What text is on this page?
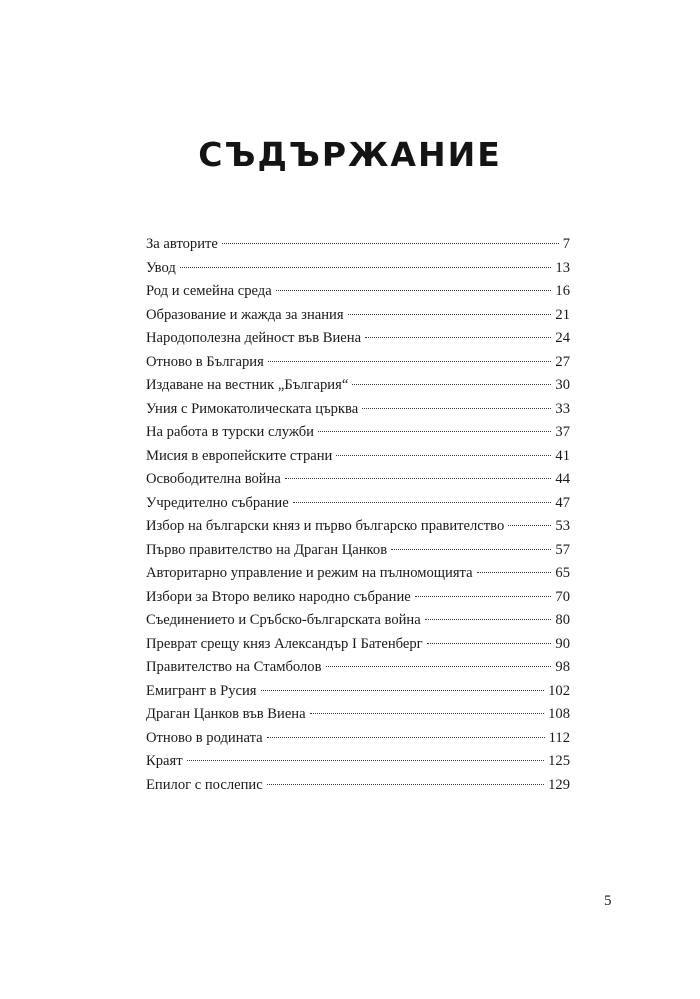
СЪДЪРЖАНИЕ
За авторите	7
Увод	13
Род и семейна среда	16
Образование и жажда за знания	21
Народополезна дейност във Виена	24
Отново в България	27
Издаване на вестник „България“	30
Уния с Римокатолическата църква	33
На работа в турски служби	37
Мисия в европейските страни	41
Освободителна война	44
Учредително събрание	47
Избор на български княз и първо българско правителство	53
Първо правителство на Драган Цанков	57
Авторитарно управление и режим на пълномощията	65
Избори за Второ велико народно събрание	70
Съединението и Сръбско-българската война	80
Преврат срещу княз Александър I Батенберг	90
Правителство на Стамболов	98
Емигрант в Русия	102
Драган Цанков във Виена	108
Отново в родината	112
Краят	125
Епилог с послепис	129
5
